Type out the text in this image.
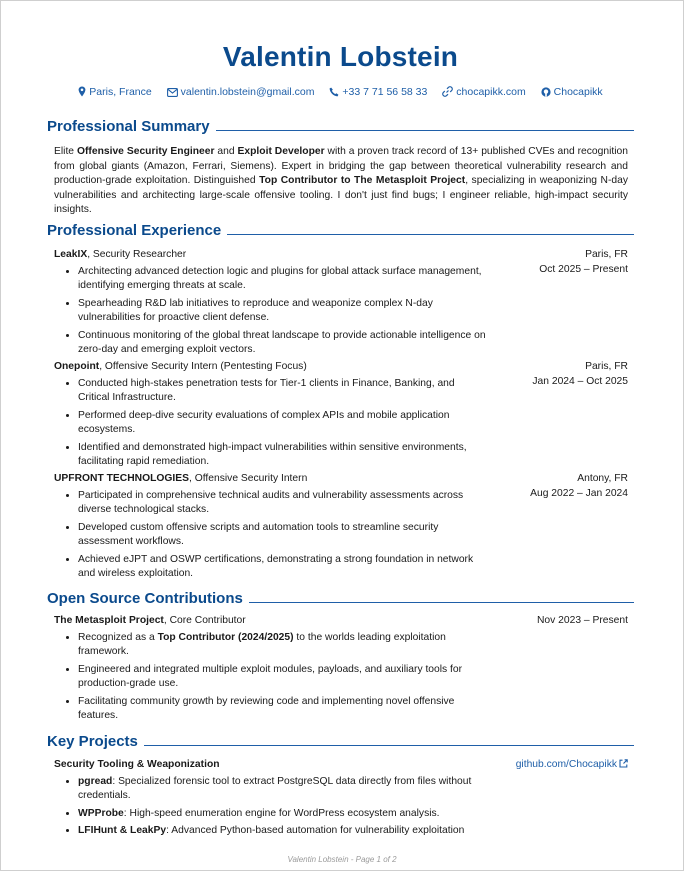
Valentin Lobstein
Paris, France	valentin.lobstein@gmail.com	+33 7 71 56 58 33	chocapikk.com	Chocapikk
Professional Summary
Elite Offensive Security Engineer and Exploit Developer with a proven track record of 13+ published CVEs and recognition from global giants (Amazon, Ferrari, Siemens). Expert in bridging the gap between theoretical vulnerability research and production-grade exploitation. Distinguished Top Contributor to The Metasploit Project, specializing in weaponizing N-day vulnerabilities and architecting large-scale offensive tooling. I don't just find bugs; I engineer reliable, high-impact security insights.
Professional Experience
LeakIX, Security Researcher	Paris, FR
Oct 2025 – Present
• Architecting advanced detection logic and plugins for global attack surface management, identifying emerging threats at scale.
• Spearheading R&D lab initiatives to reproduce and weaponize complex N-day vulnerabilities for proactive client defense.
• Continuous monitoring of the global threat landscape to provide actionable intelligence on zero-day and emerging exploit vectors.
Onepoint, Offensive Security Intern (Pentesting Focus)	Paris, FR
Jan 2024 – Oct 2025
• Conducted high-stakes penetration tests for Tier-1 clients in Finance, Banking, and Critical Infrastructure.
• Performed deep-dive security evaluations of complex APIs and mobile application ecosystems.
• Identified and demonstrated high-impact vulnerabilities within sensitive environments, facilitating rapid remediation.
UPFRONT TECHNOLOGIES, Offensive Security Intern	Antony, FR
Aug 2022 – Jan 2024
• Participated in comprehensive technical audits and vulnerability assessments across diverse technological stacks.
• Developed custom offensive scripts and automation tools to streamline security assessment workflows.
• Achieved eJPT and OSWP certifications, demonstrating a strong foundation in network and wireless exploitation.
Open Source Contributions
The Metasploit Project, Core Contributor	Nov 2023 – Present
• Recognized as a Top Contributor (2024/2025) to the worlds leading exploitation framework.
• Engineered and integrated multiple exploit modules, payloads, and auxiliary tools for production-grade use.
• Facilitating community growth by reviewing code and implementing novel offensive features.
Key Projects
Security Tooling & Weaponization	github.com/Chocapikk
• pgread: Specialized forensic tool to extract PostgreSQL data directly from files without credentials.
• WPProbe: High-speed enumeration engine for WordPress ecosystem analysis.
• LFIHunt & LeakPy: Advanced Python-based automation for vulnerability exploitation
Valentin Lobstein - Page 1 of 2
